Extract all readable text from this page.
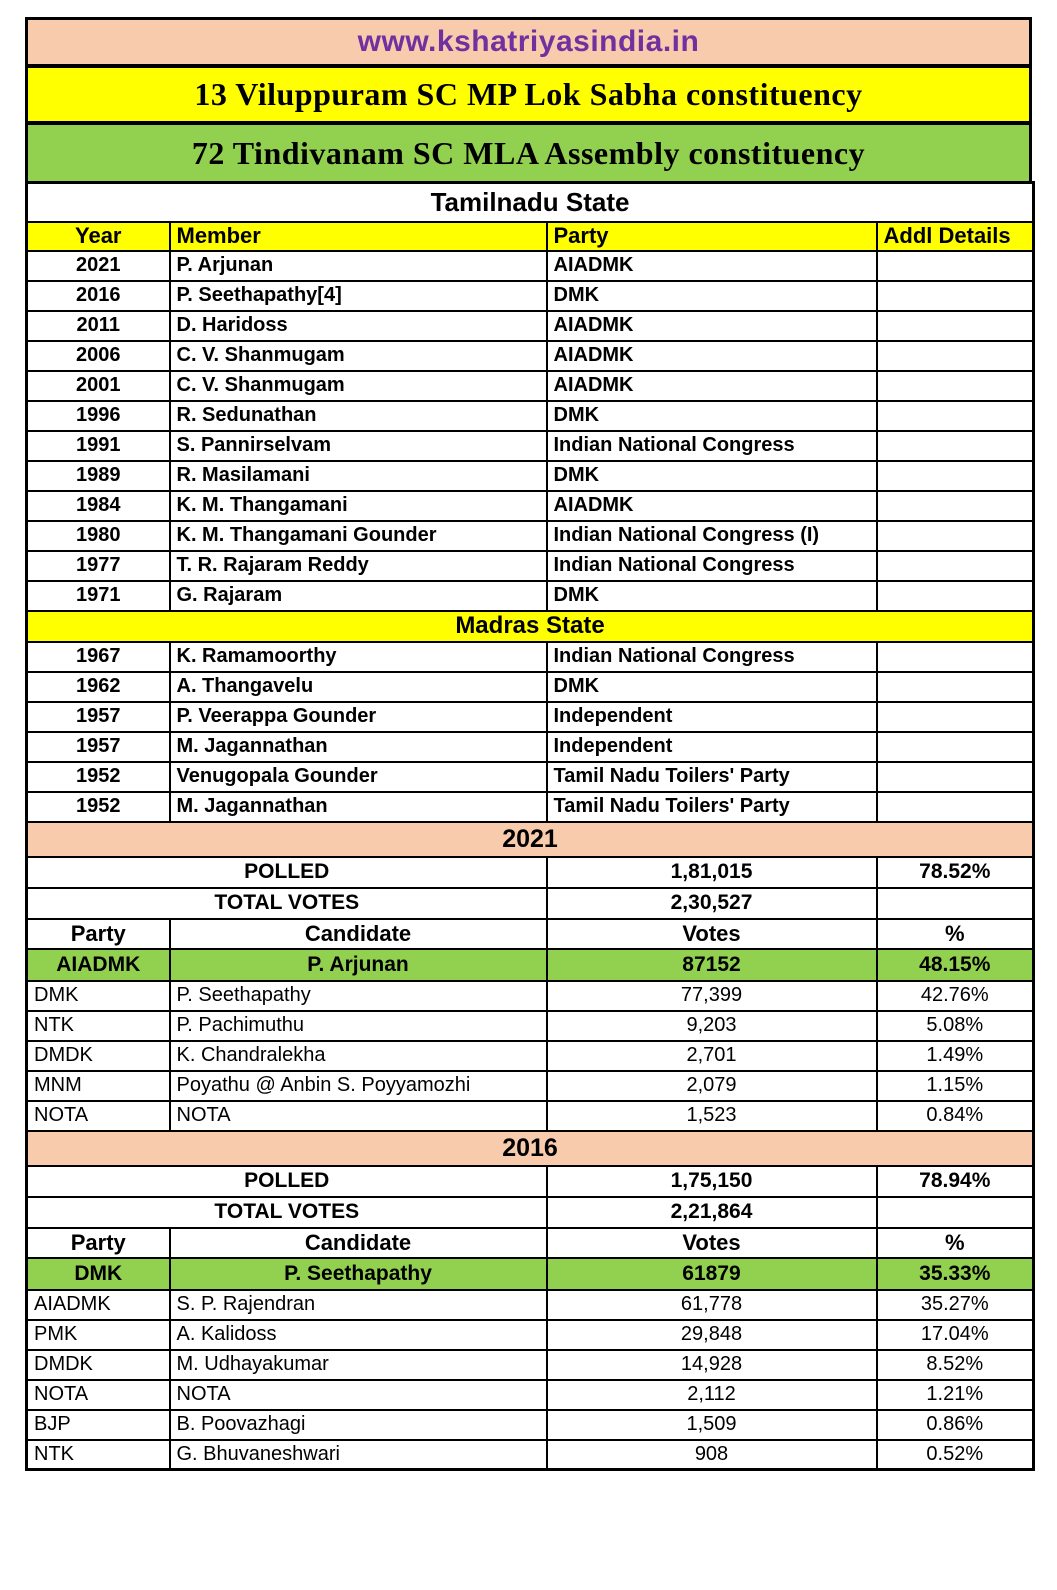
www.kshatriyasindia.in
13 Viluppuram SC MP Lok Sabha constituency
72 Tindivanam SC MLA Assembly constituency
Tamilnadu State			
Year	Member	Party	Addl Details
2021	P. Arjunan	AIADMK	
2016	P. Seethapathy[4]	DMK	
2011	D. Haridoss	AIADMK	
2006	C. V. Shanmugam	AIADMK	
2001	C. V. Shanmugam	AIADMK	
1996	R. Sedunathan	DMK	
1991	S. Pannirselvam	Indian National Congress	
1989	R. Masilamani	DMK	
1984	K. M. Thangamani	AIADMK	
1980	K. M. Thangamani Gounder	Indian National Congress (I)	
1977	T. R. Rajaram Reddy	Indian National Congress	
1971	G. Rajaram	DMK	
Madras State			
1967	K. Ramamoorthy	Indian National Congress	
1962	A. Thangavelu	DMK	
1957	P. Veerappa Gounder	Independent	
1957	M. Jagannathan	Independent	
1952	Venugopala Gounder	Tamil Nadu Toilers' Party	
1952	M. Jagannathan	Tamil Nadu Toilers' Party	
2021			
POLLED		1,81,015	78.52%
TOTAL VOTES		2,30,527	
Party	Candidate	Votes	%
AIADMK	P. Arjunan	87152	48.15%
DMK	P. Seethapathy	77,399	42.76%
NTK	P. Pachimuthu	9,203	5.08%
DMDK	K. Chandralekha	2,701	1.49%
MNM	Poyathu @ Anbin S. Poyyamozhi	2,079	1.15%
NOTA	NOTA	1,523	0.84%
2016			
POLLED		1,75,150	78.94%
TOTAL VOTES		2,21,864	
Party	Candidate	Votes	%
DMK	P. Seethapathy	61879	35.33%
AIADMK	S. P. Rajendran	61,778	35.27%
PMK	A. Kalidoss	29,848	17.04%
DMDK	M. Udhayakumar	14,928	8.52%
NOTA	NOTA	2,112	1.21%
BJP	B. Poovazhagi	1,509	0.86%
NTK	G. Bhuvaneshwari	908	0.52%
